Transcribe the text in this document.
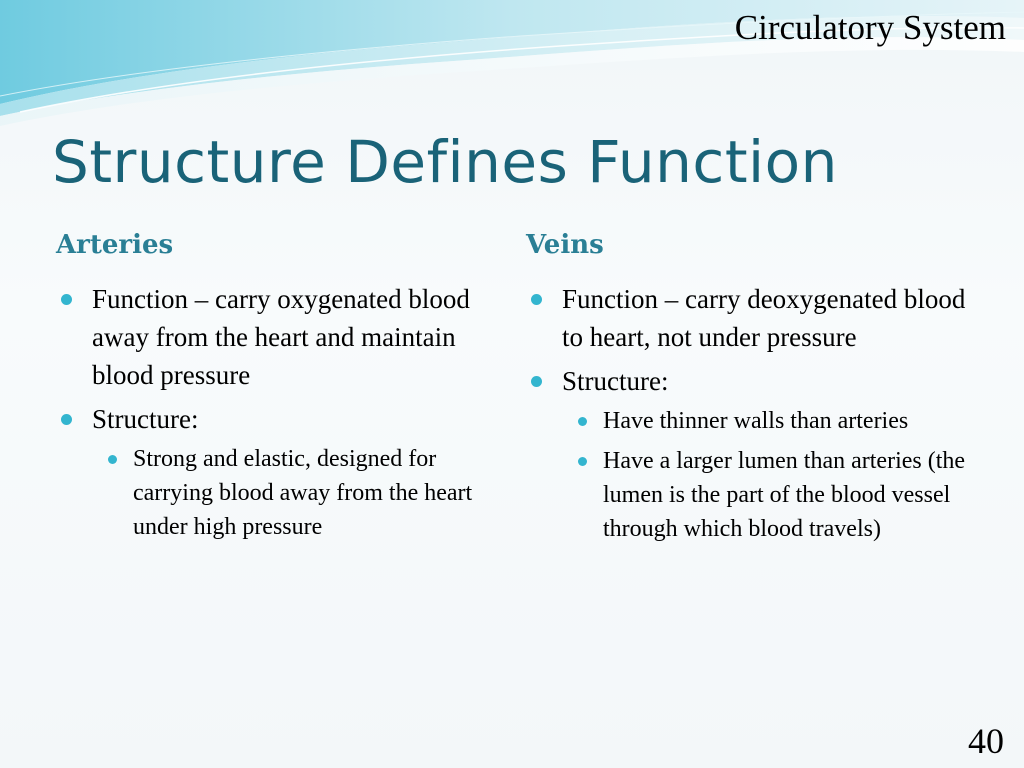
Circulatory System
Structure Defines Function
Arteries
Function – carry oxygenated blood away from the heart and maintain blood pressure
Structure:
Strong and elastic, designed for carrying blood away from the heart under high pressure
Veins
Function – carry deoxygenated blood to heart, not under pressure
Structure:
Have thinner walls than arteries
Have a larger lumen than arteries (the lumen is the part of the blood vessel through which blood travels)
40
